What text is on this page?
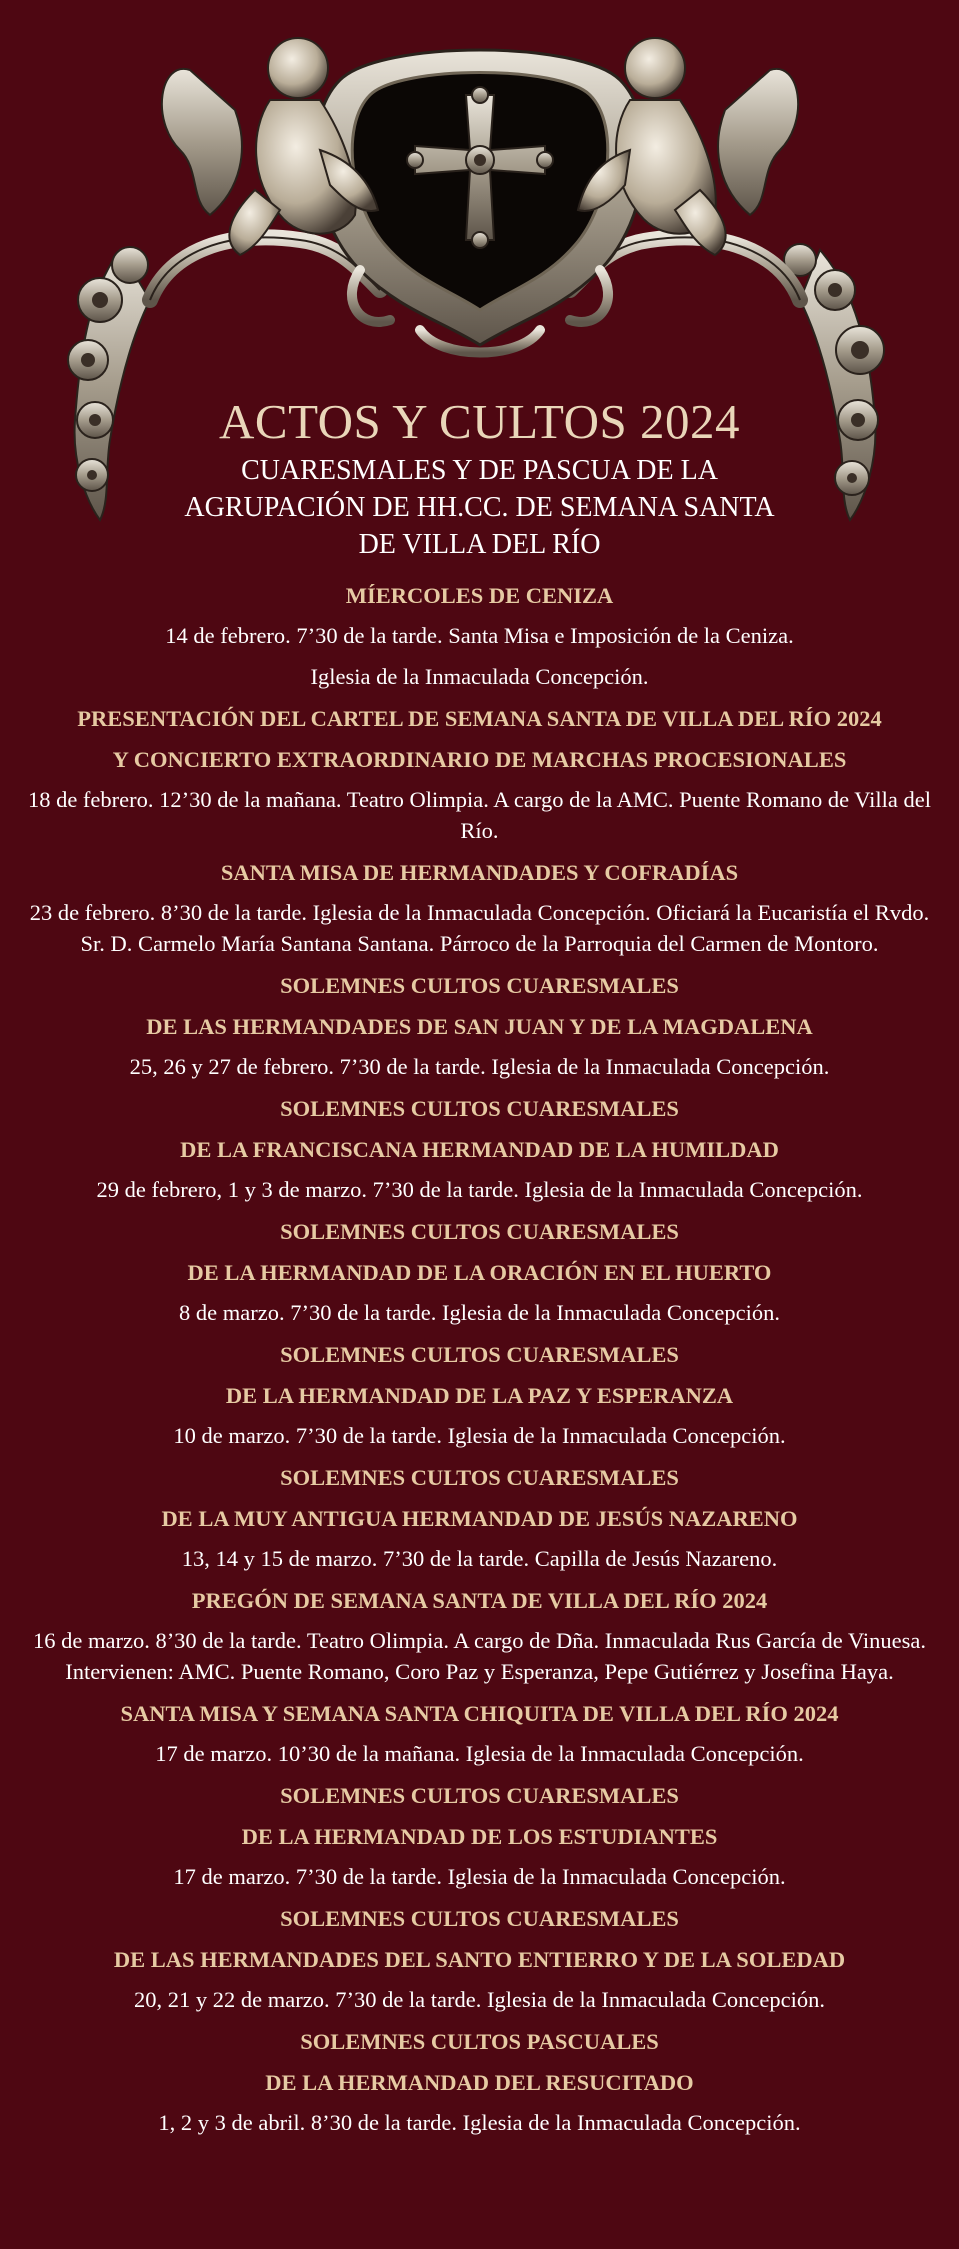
ACTOS Y CULTOS 2024
CUARESMALES Y DE PASCUA DE LA
AGRUPACIÓN DE HH.CC. DE SEMANA SANTA
DE VILLA DEL RÍO
MÍERCOLES DE CENIZA
14 de febrero. 7’30 de la tarde. Santa Misa e Imposición de la Ceniza.
Iglesia de la Inmaculada Concepción.
PRESENTACIÓN DEL CARTEL DE SEMANA SANTA DE VILLA DEL RÍO 2024
Y CONCIERTO EXTRAORDINARIO DE MARCHAS PROCESIONALES
18 de febrero. 12’30 de la mañana. Teatro Olimpia. A cargo de la AMC. Puente Romano de Villa del Río.
SANTA MISA DE HERMANDADES Y COFRADÍAS
23 de febrero. 8’30 de la tarde. Iglesia de la Inmaculada Concepción. Oficiará la Eucaristía el Rvdo. Sr. D. Carmelo María Santana Santana. Párroco de la Parroquia del Carmen de Montoro.
SOLEMNES CULTOS CUARESMALES
DE LAS HERMANDADES DE SAN JUAN Y DE LA MAGDALENA
25, 26 y 27 de febrero. 7’30 de la tarde. Iglesia de la Inmaculada Concepción.
SOLEMNES CULTOS CUARESMALES
DE LA FRANCISCANA HERMANDAD DE LA HUMILDAD
29 de febrero, 1 y 3 de marzo. 7’30 de la tarde. Iglesia de la Inmaculada Concepción.
SOLEMNES CULTOS CUARESMALES
DE LA HERMANDAD DE LA ORACIÓN EN EL HUERTO
8 de marzo. 7’30 de la tarde. Iglesia de la Inmaculada Concepción.
SOLEMNES CULTOS CUARESMALES
DE LA HERMANDAD DE LA PAZ Y ESPERANZA
10 de marzo. 7’30 de la tarde. Iglesia de la Inmaculada Concepción.
SOLEMNES CULTOS CUARESMALES
DE LA MUY ANTIGUA HERMANDAD DE JESÚS NAZARENO
13, 14 y 15 de marzo. 7’30 de la tarde. Capilla de Jesús Nazareno.
PREGÓN DE SEMANA SANTA DE VILLA DEL RÍO 2024
16 de marzo. 8’30 de la tarde. Teatro Olimpia. A cargo de Dña. Inmaculada Rus García de Vinuesa. Intervienen: AMC. Puente Romano, Coro Paz y Esperanza, Pepe Gutiérrez y Josefina Haya.
SANTA MISA Y SEMANA SANTA CHIQUITA DE VILLA DEL RÍO 2024
17 de marzo. 10’30 de la mañana. Iglesia de la Inmaculada Concepción.
SOLEMNES CULTOS CUARESMALES
DE LA HERMANDAD DE LOS ESTUDIANTES
17 de marzo. 7’30 de la tarde. Iglesia de la Inmaculada Concepción.
SOLEMNES CULTOS CUARESMALES
DE LAS HERMANDADES DEL SANTO ENTIERRO Y DE LA SOLEDAD
20, 21 y 22 de marzo. 7’30 de la tarde. Iglesia de la Inmaculada Concepción.
SOLEMNES CULTOS PASCUALES
DE LA HERMANDAD DEL RESUCITADO
1, 2 y 3 de abril. 8’30 de la tarde. Iglesia de la Inmaculada Concepción.
